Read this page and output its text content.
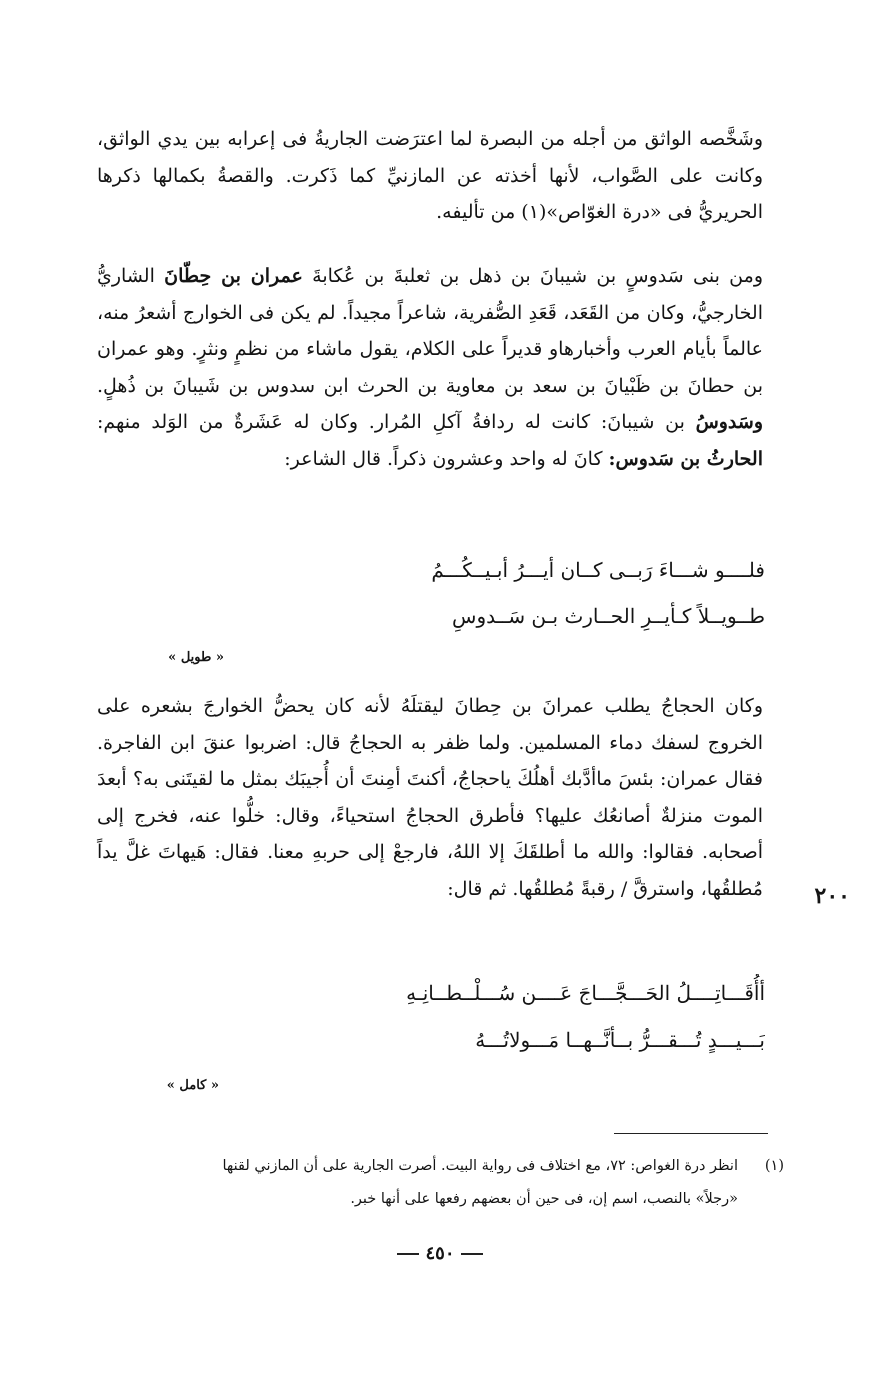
وشَخَّصه الواثق من أجله من البصرة لما اعترَضت الجاريةُ فى إعرابه بين يدي الواثق، وكانت على الصَّواب، لأنها أخذته عن المازنيِّ كما ذَكرت. والقصةُ بكمالها ذكرها الحريريُّ فى «درة الغوّاص»(١) من تأليفه.

ومن بنى سَدوسٍ بن شيبانَ بن ذهل بن ثعلبةَ بن عُكابةَ عمران بن حِطّانَ الشاريُّ الخارجيُّ، وكان من القَعَد، قَعَدِ الصُّفرية، شاعراً مجيداً. لم يكن فى الخوارج أشعرُ منه، عالماً بأيام العرب وأخبارهاو قديراً على الكلام، يقول ماشاء من نظمٍ ونثرٍ. وهو عمران بن حطانَ بن ظَبْيانَ بن سعد بن معاوية بن الحرث ابن سدوس بن شَيبانَ بن ذُهلٍ. وسَدوسُ بن شيبانَ: كانت له ردافةُ آكلِ المُرار. وكان له عَشَرةٌ من الوَلد منهم: الحارثُ بن سَدوس: كانَ له واحد وعشرون ذكراً. قال الشاعر:

فلــــو شـــاءَ رَبــى كــان أيـــرُ أبـيــكُـــمُ

طــويــلاً كـأيــرِ الحــارث بـن سَــدوسِ

« طويل »

وكان الحجاجُ يطلب عمرانَ بن حِطانَ ليقتلَهُ لأنه كان يحضُّ الخوارجَ بشعره على الخروج لسفك دماء المسلمين. ولما ظفر به الحجاجُ قال: اضربوا عنقَ ابن الفاجرة. فقال عمران: بئسَ ماأدَّبك أهلُكَ ياحجاجُ، أكنتَ أمِنتَ أن أُجيبَك بمثل ما لقيتَنى به؟ أبعدَ الموت منزلةٌ أصانعُك عليها؟ فأطرق الحجاجُ استحياءً، وقال: خلُّوا عنه، فخرج إلى أصحابه. فقالوا: والله ما أطلقَكَ إلا اللهُ، فارجعْ إلى حربهِ معنا. فقال: هَيهاتَ غلَّ يداً مُطلقُها، واسترقَّ / رقبةً مُطلقُها. ثم قال:	٢٠٠

أأُقَـــاتِــــلُ الحَـــجَّـــاجَ عَــــن سُـــلْــطــانِـهِ

بَـــيـــدٍ تُـــقـــرُّ بــأنَّــهــا مَـــولاتُـــهُ

« كامل »
(١)انظر درة الغواص: ٧٢، مع اختلاف فى رواية البيت. أصرت الجارية على أن المازني لقنها
«رجلاً» بالنصب، اسم إن، فى حين أن بعضهم رفعها على أنها خبر.
٤٥٠
